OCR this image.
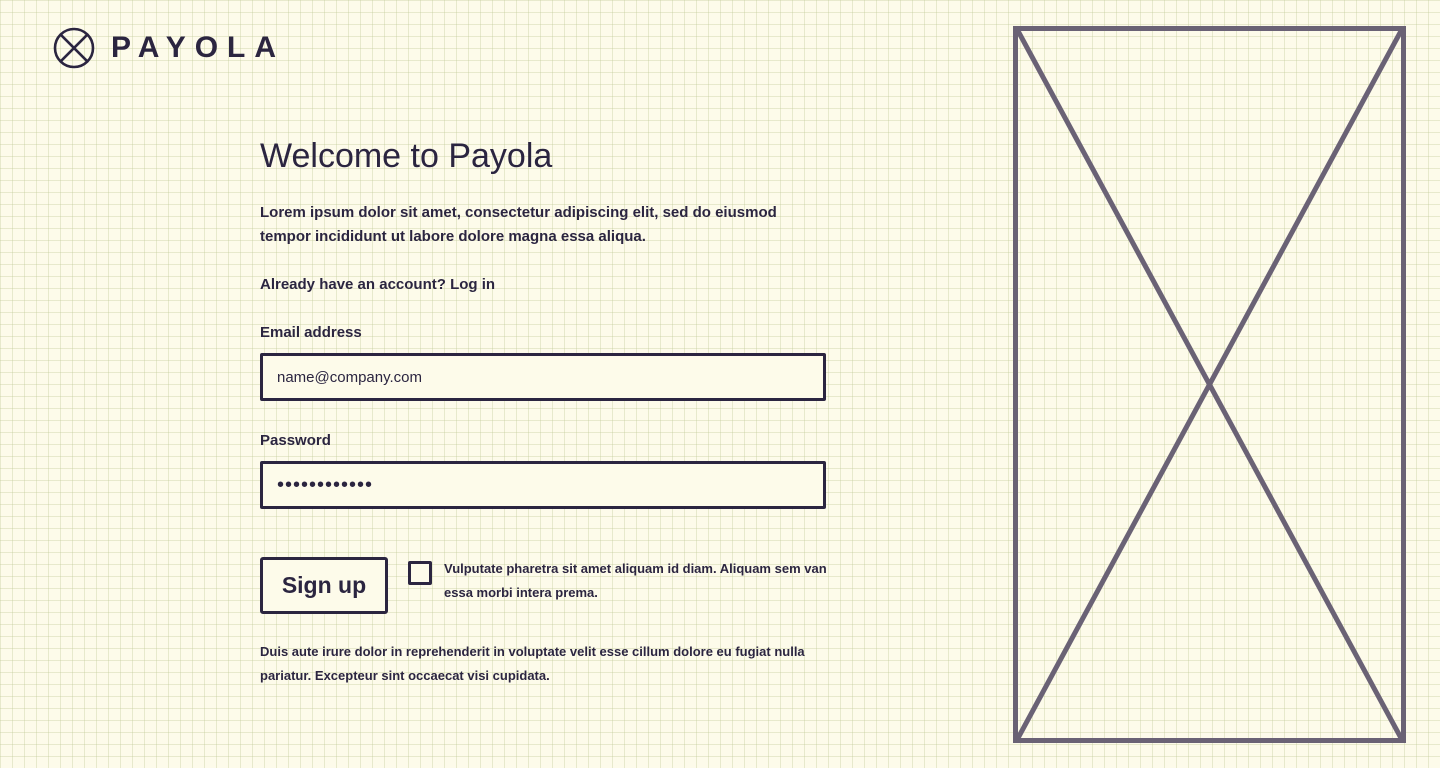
PAYOLA
Welcome to Payola

Lorem ipsum dolor sit amet, consectetur adipiscing elit, sed do eiusmod tempor incididunt ut labore dolore magna essa aliqua.

Already have an account? Log in

Email address
name@company.com
Password
••••••••••••
Sign up

Vulputate pharetra sit amet aliquam id diam. Aliquam sem van essa morbi intera prema.

Duis aute irure dolor in reprehenderit in voluptate velit esse cillum dolore eu fugiat nulla pariatur. Excepteur sint occaecat visi cupidata.
